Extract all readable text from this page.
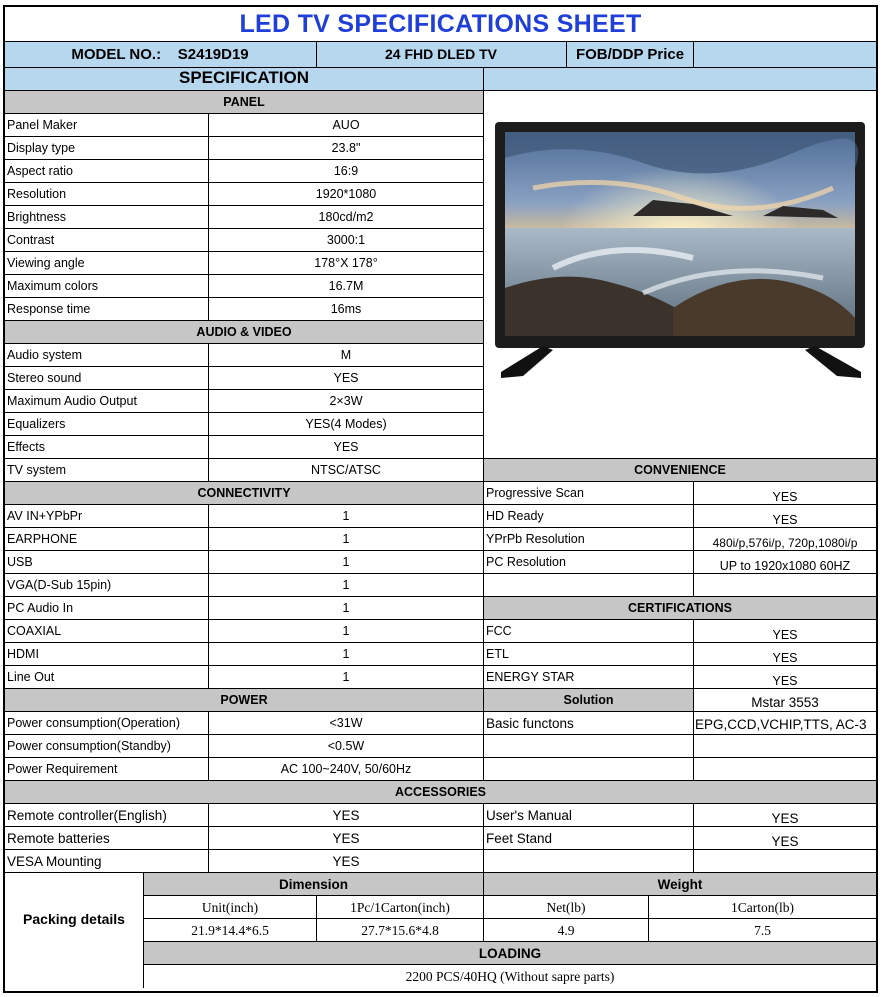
LED TV SPECIFICATIONS SHEET
MODEL NO.: S2419D19	24 FHD DLED TV	FOB/DDP Price
SPECIFICATION
PANEL
Panel Maker	AUO
Display type	23.8"
Aspect ratio	16:9
Resolution	1920*1080
Brightness	180cd/m2
Contrast	3000:1
Viewing angle	178°X 178°
Maximum colors	16.7M
Response time	16ms
AUDIO & VIDEO
Audio system	M
Stereo sound	YES
Maximum Audio Output	2×3W
Equalizers	YES(4 Modes)
Effects	YES
TV system	NTSC/ATSC
CONNECTIVITY
AV IN+YPbPr	1
EARPHONE	1
USB	1
VGA(D-Sub 15pin)	1
PC Audio In	1
COAXIAL	1
HDMI	1
Line Out	1
POWER
Power consumption(Operation)	<31W
Power consumption(Standby)	<0.5W
Power Requirement	AC 100~240V, 50/60Hz
CONVENIENCE
Progressive Scan	YES
HD Ready	YES
YPrPb Resolution	480i/p,576i/p, 720p,1080i/p
PC Resolution	UP to 1920x1080 60HZ
CERTIFICATIONS
FCC	YES
ETL	YES
ENERGY STAR	YES
Solution	Mstar 3553
Basic functons	EPG,CCD,VCHIP,TTS, AC-3
ACCESSORIES
Remote controller(English)	YES	User's Manual	YES
Remote batteries	YES	Feet Stand	YES
VESA Mounting	YES
Packing details
Dimension	Weight
Unit(inch)	1Pc/1Carton(inch)	Net(lb)	1Carton(lb)
21.9*14.4*6.5	27.7*15.6*4.8	4.9	7.5
LOADING
2200 PCS/40HQ (Without sapre parts)
